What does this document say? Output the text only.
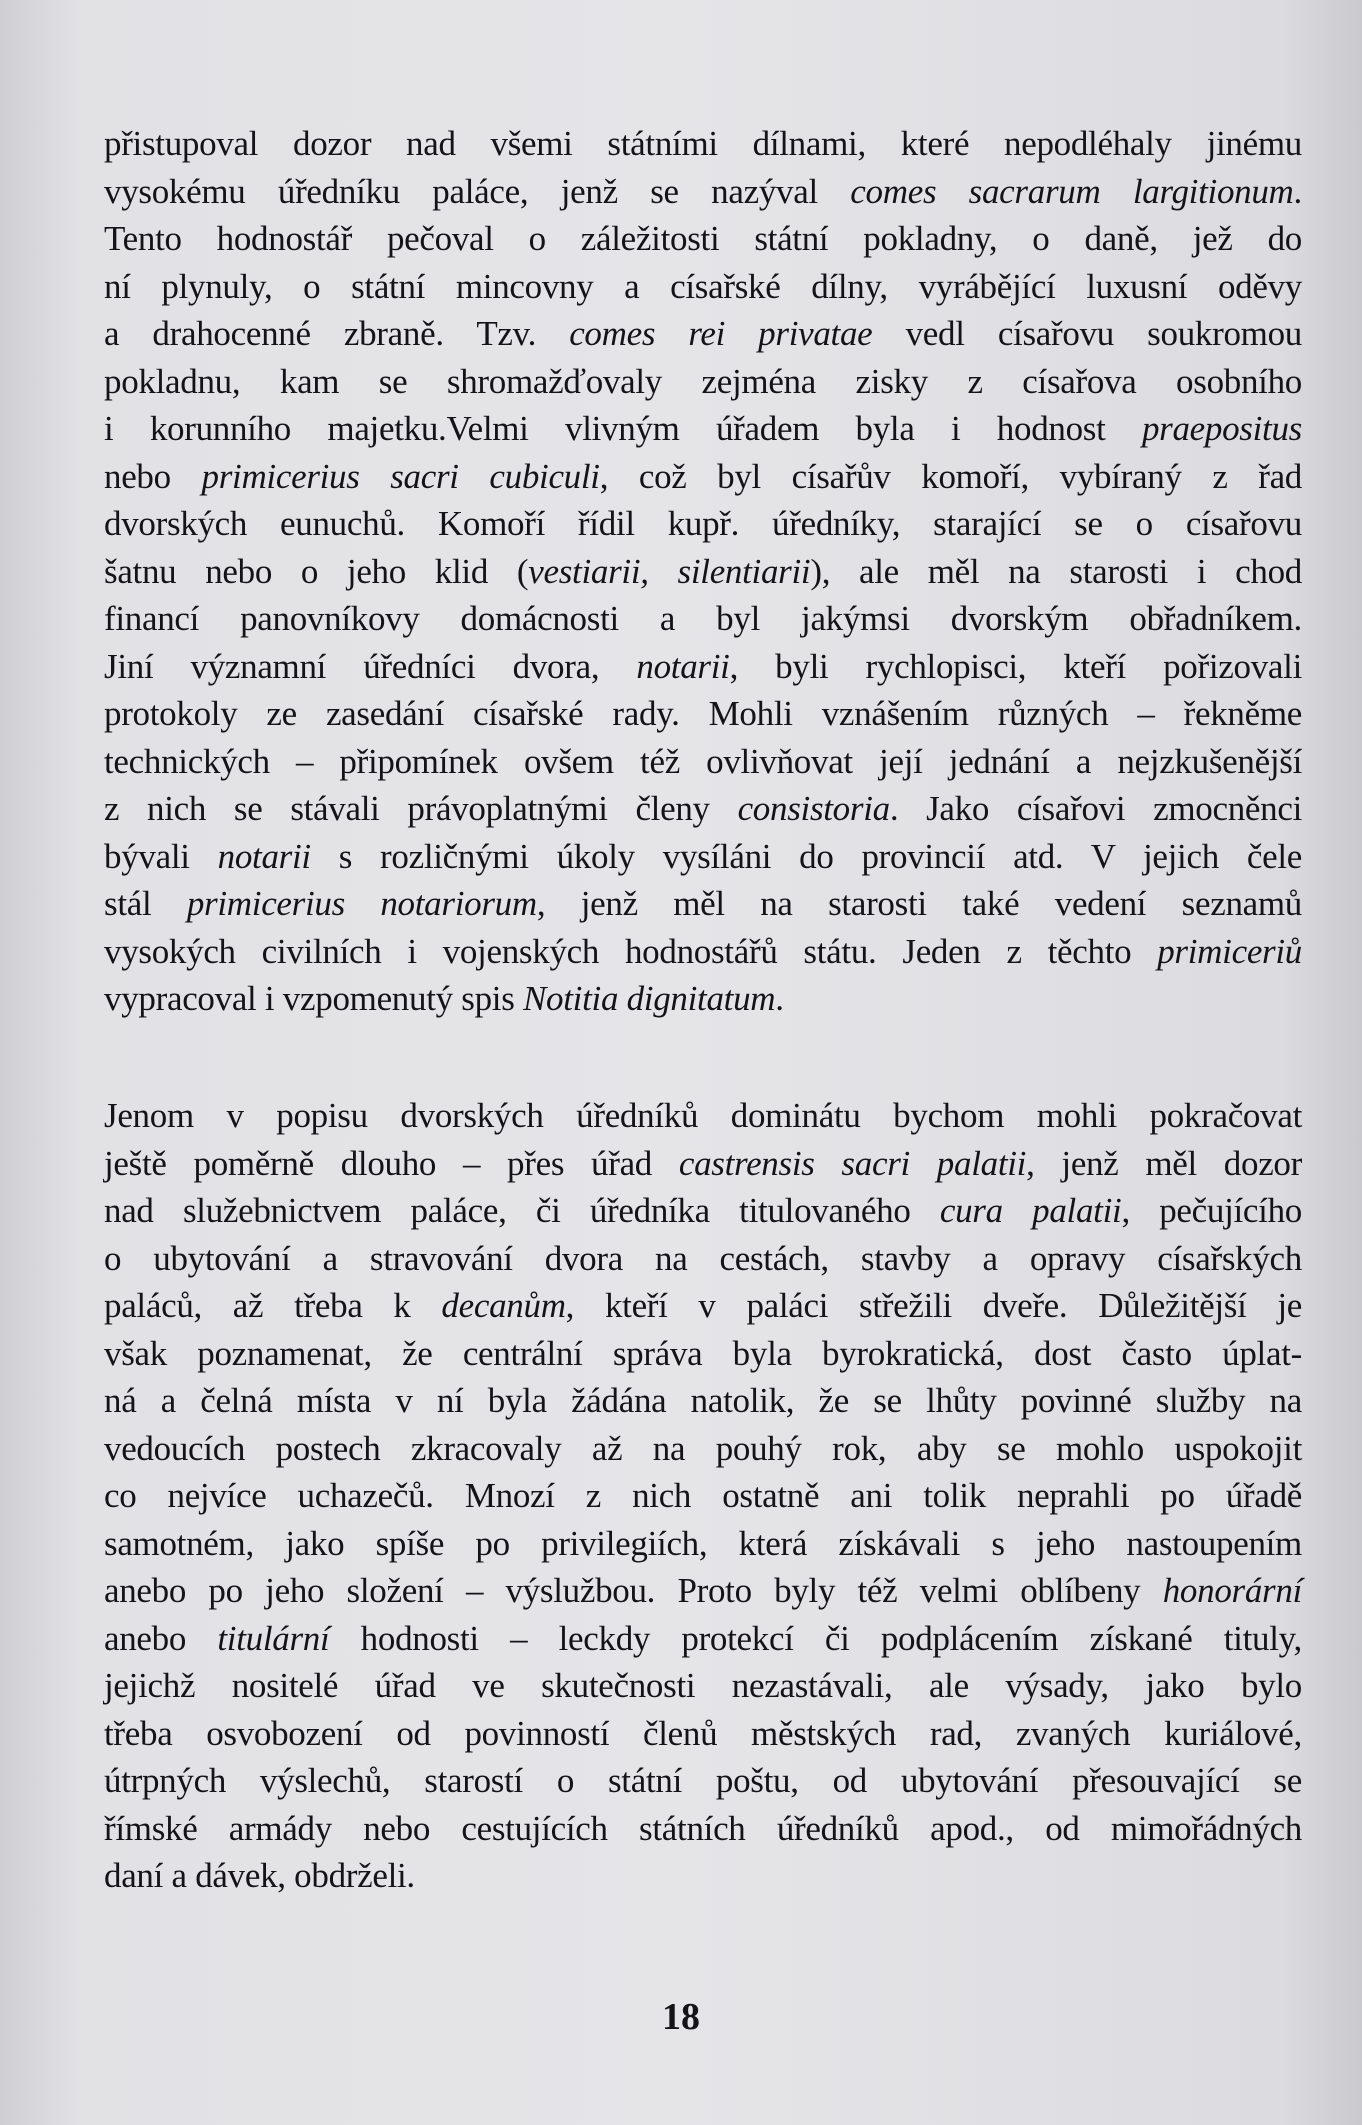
přistupoval dozor nad všemi státními dílnami, které nepodléhaly jinému
vysokému úředníku paláce, jenž se nazýval comes sacrarum largitionum.
Tento hodnostář pečoval o záležitosti státní pokladny, o daně, jež do
ní plynuly, o státní mincovny a císařské dílny, vyrábějící luxusní oděvy
a drahocenné zbraně. Tzv. comes rei privatae vedl císařovu soukromou
pokladnu, kam se shromažďovaly zejména zisky z císařova osobního
i korunního majetku.Velmi vlivným úřadem byla i hodnost praepositus
nebo primicerius sacri cubiculi, což byl císařův komoří, vybíraný z řad
dvorských eunuchů. Komoří řídil kupř. úředníky, starající se o císařovu
šatnu nebo o jeho klid (vestiarii, silentiarii), ale měl na starosti i chod
financí panovníkovy domácnosti a byl jakýmsi dvorským obřadníkem.
Jiní významní úředníci dvora, notarii, byli rychlopisci, kteří pořizovali
protokoly ze zasedání císařské rady. Mohli vznášením různých – řekněme
technických – připomínek ovšem též ovlivňovat její jednání a nejzkušenější
z nich se stávali právoplatnými členy consistoria. Jako císařovi zmocněnci
bývali notarii s rozličnými úkoly vysíláni do provincií atd. V jejich čele
stál primicerius notariorum, jenž měl na starosti také vedení seznamů
vysokých civilních i vojenských hodnostářů státu. Jeden z těchto primiceriů
vypracoval i vzpomenutý spis Notitia dignitatum.
Jenom v popisu dvorských úředníků dominátu bychom mohli pokračovat
ještě poměrně dlouho – přes úřad castrensis sacri palatii, jenž měl dozor
nad služebnictvem paláce, či úředníka titulovaného cura palatii, pečujícího
o ubytování a stravování dvora na cestách, stavby a opravy císařských
paláců, až třeba k decanům, kteří v paláci střežili dveře. Důležitější je
však poznamenat, že centrální správa byla byrokratická, dost často úplat-
ná a čelná místa v ní byla žádána natolik, že se lhůty povinné služby na
vedoucích postech zkracovaly až na pouhý rok, aby se mohlo uspokojit
co nejvíce uchazečů. Mnozí z nich ostatně ani tolik neprahli po úřadě
samotném, jako spíše po privilegiích, která získávali s jeho nastoupením
anebo po jeho složení – výslužbou. Proto byly též velmi oblíbeny honorární
anebo titulární hodnosti – leckdy protekcí či podplácením získané tituly,
jejichž nositelé úřad ve skutečnosti nezastávali, ale výsady, jako bylo
třeba osvobození od povinností členů městských rad, zvaných kuriálové,
útrpných výslechů, starostí o státní poštu, od ubytování přesouvající se
římské armády nebo cestujících státních úředníků apod., od mimořádných
daní a dávek, obdrželi.
18
